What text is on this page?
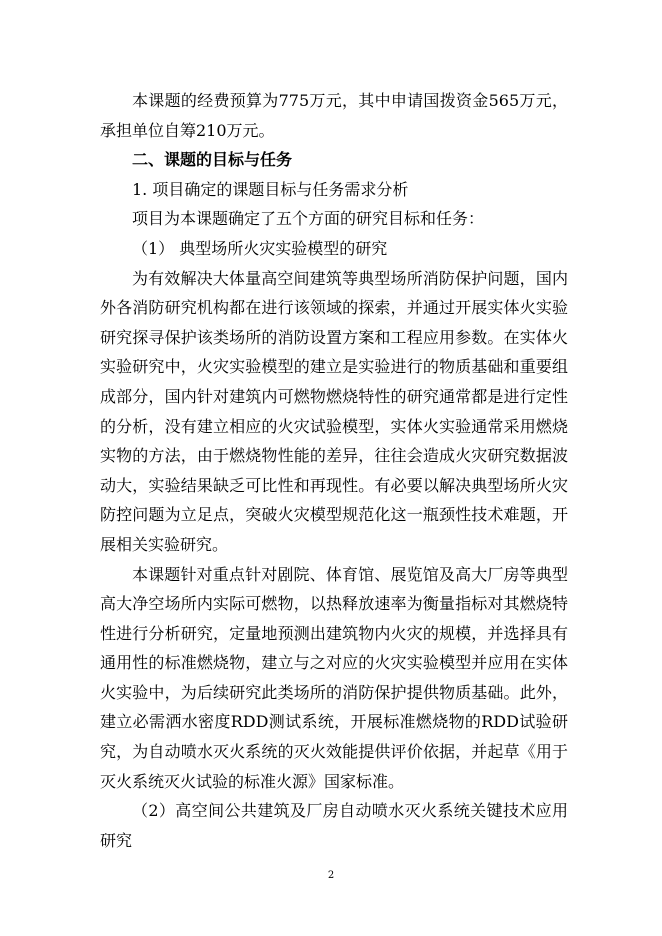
本课题的经费预算为775万元，其中申请国拨资金565万元，承担单位自筹210万元。

二、课题的目标与任务

1. 项目确定的课题目标与任务需求分析

项目为本课题确定了五个方面的研究目标和任务：

（1） 典型场所火灾实验模型的研究

为有效解决大体量高空间建筑等典型场所消防保护问题，国内外各消防研究机构都在进行该领域的探索，并通过开展实体火实验研究探寻保护该类场所的消防设置方案和工程应用参数。在实体火实验研究中，火灾实验模型的建立是实验进行的物质基础和重要组成部分，国内针对建筑内可燃物燃烧特性的研究通常都是进行定性的分析，没有建立相应的火灾试验模型，实体火实验通常采用燃烧实物的方法，由于燃烧物性能的差异，往往会造成火灾研究数据波动大，实验结果缺乏可比性和再现性。有必要以解决典型场所火灾防控问题为立足点，突破火灾模型规范化这一瓶颈性技术难题，开展相关实验研究。

本课题针对重点针对剧院、体育馆、展览馆及高大厂房等典型高大净空场所内实际可燃物，以热释放速率为衡量指标对其燃烧特性进行分析研究，定量地预测出建筑物内火灾的规模，并选择具有通用性的标准燃烧物，建立与之对应的火灾实验模型并应用在实体火实验中，为后续研究此类场所的消防保护提供物质基础。此外，建立必需洒水密度RDD测试系统，开展标准燃烧物的RDD试验研究，为自动喷水灭火系统的灭火效能提供评价依据，并起草《用于灭火系统灭火试验的标准火源》国家标准。

（2）高空间公共建筑及厂房自动喷水灭火系统关键技术应用研究

2
